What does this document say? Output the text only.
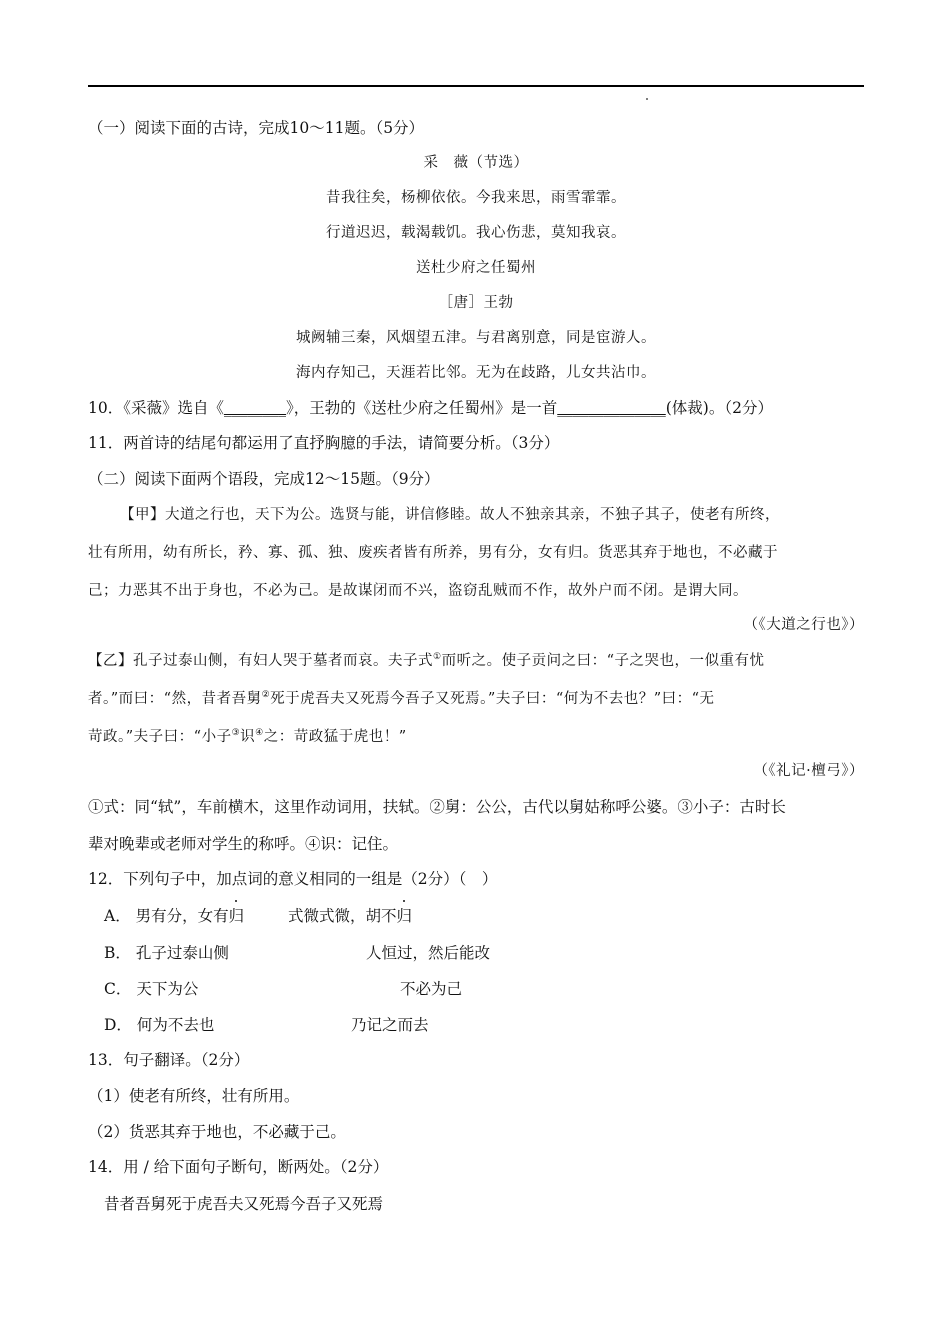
（一）阅读下面的古诗，完成10～11题。（5分）
采　薇（节选）
昔我往矣，杨柳依依。今我来思，雨雪霏霏。
行道迟迟，载渴载饥。我心伤悲，莫知我哀。
送杜少府之任蜀州
［唐］王勃
城阙辅三秦，风烟望五津。与君离别意，同是宦游人。
海内存知己，天涯若比邻。无为在歧路，儿女共沾巾。
10．《采薇》选自《________》，王勃的《送杜少府之任蜀州》是一首______________(体裁)。（2分）
11．两首诗的结尾句都运用了直抒胸臆的手法，请简要分析。（3分）
（二）阅读下面两个语段，完成12～15题。（9分）
【甲】大道之行也，天下为公。选贤与能，讲信修睦。故人不独亲其亲，不独子其子，使老有所终，
壮有所用，幼有所长，矜、寡、孤、独、废疾者皆有所养，男有分，女有归。货恶其弃于地也，不必藏于
己；力恶其不出于身也，不必为己。是故谋闭而不兴，盗窃乱贼而不作，故外户而不闭。是谓大同。
（《大道之行也》）
【乙】孔子过泰山侧，有妇人哭于墓者而哀。夫子式①而听之。使子贡问之曰：“子之哭也，一似重有忧
者。”而曰：“然，昔者吾舅②死于虎吾夫又死焉今吾子又死焉。”夫子曰：“何为不去也？”曰：“无
苛政。”夫子曰：“小子③识④之：苛政猛于虎也！”
（《礼记·檀弓》）
①式：同“轼”，车前横木，这里作动词用，扶轼。②舅：公公，古代以舅姑称呼公婆。③小子：古时长
辈对晚辈或老师对学生的称呼。④识：记住。
12．下列句子中，加点词的意义相同的一组是（2分）（　）
A． 男有分，女有归	式微式微，胡不归
B． 孔子过泰山侧	人恒过，然后能改
C． 天下为公	不必为己
D． 何为不去也	乃记之而去
13．句子翻译。（2分）
（1）使老有所终，壮有所用。
（2）货恶其弃于地也，不必藏于己。
14．用 / 给下面句子断句，断两处。（2分）
昔者吾舅死于虎吾夫又死焉今吾子又死焉
